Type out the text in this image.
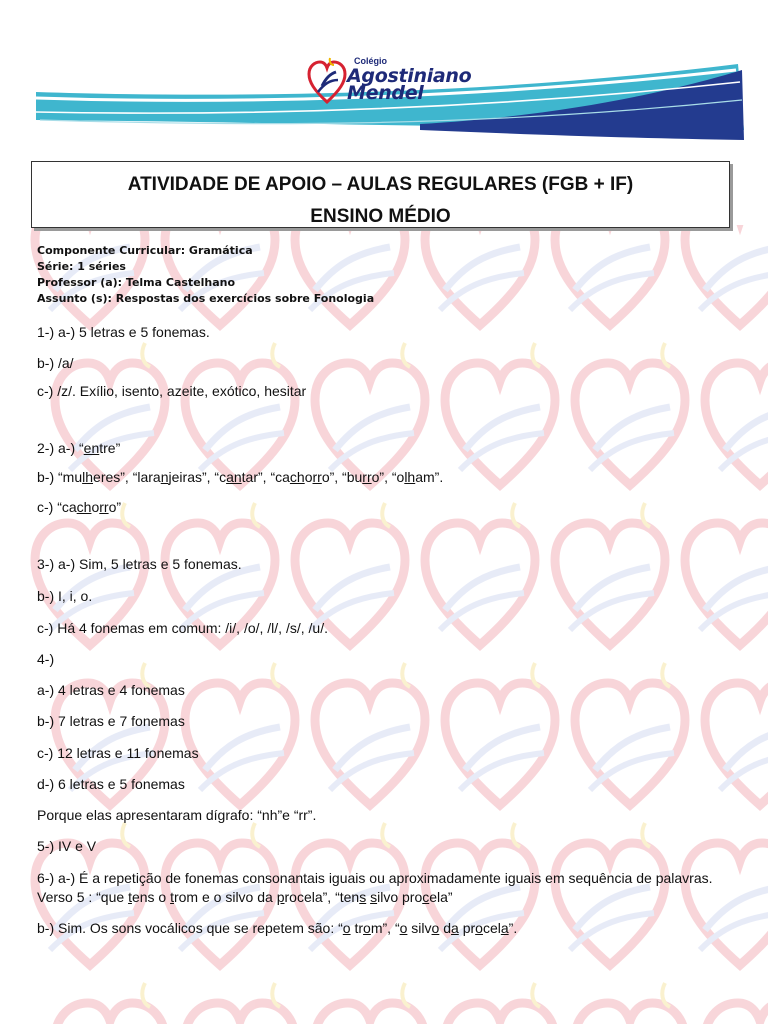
Colégio
Agostiniano
Mendel
ATIVIDADE DE APOIO – AULAS REGULARES (FGB + IF)
ENSINO MÉDIO
Componente Curricular: Gramática
Série: 1 séries
Professor (a): Telma Castelhano
Assunto (s): Respostas dos exercícios sobre Fonologia
1-) a-) 5 letras e 5 fonemas.
b-) /a/
c-) /z/. Exílio, isento, azeite, exótico, hesitar
2-) a-) “entre”
b-) “mulheres”, “laranjeiras”, “cantar”, “cachorro”, “burro”, “olham”.
c-) “cachorro”
3-) a-) Sim, 5 letras e 5 fonemas.
b-) I, i, o.
c-) Há 4 fonemas em comum: /i/, /o/, /l/, /s/, /u/.
4-)
a-) 4 letras e 4 fonemas
b-) 7 letras e 7 fonemas
c-) 12 letras e 11 fonemas
d-) 6 letras e 5 fonemas
Porque elas apresentaram dígrafo: “nh”e “rr”.
5-) IV e V
6-) a-) É a repetição de fonemas consonantais iguais ou aproximadamente iguais em sequência de palavras. Verso 5 : “que tens o trom e o silvo da procela”, “tens silvo procela”
b-) Sim. Os sons vocálicos que se repetem são: “o trom”, “o silvo da procela”.
